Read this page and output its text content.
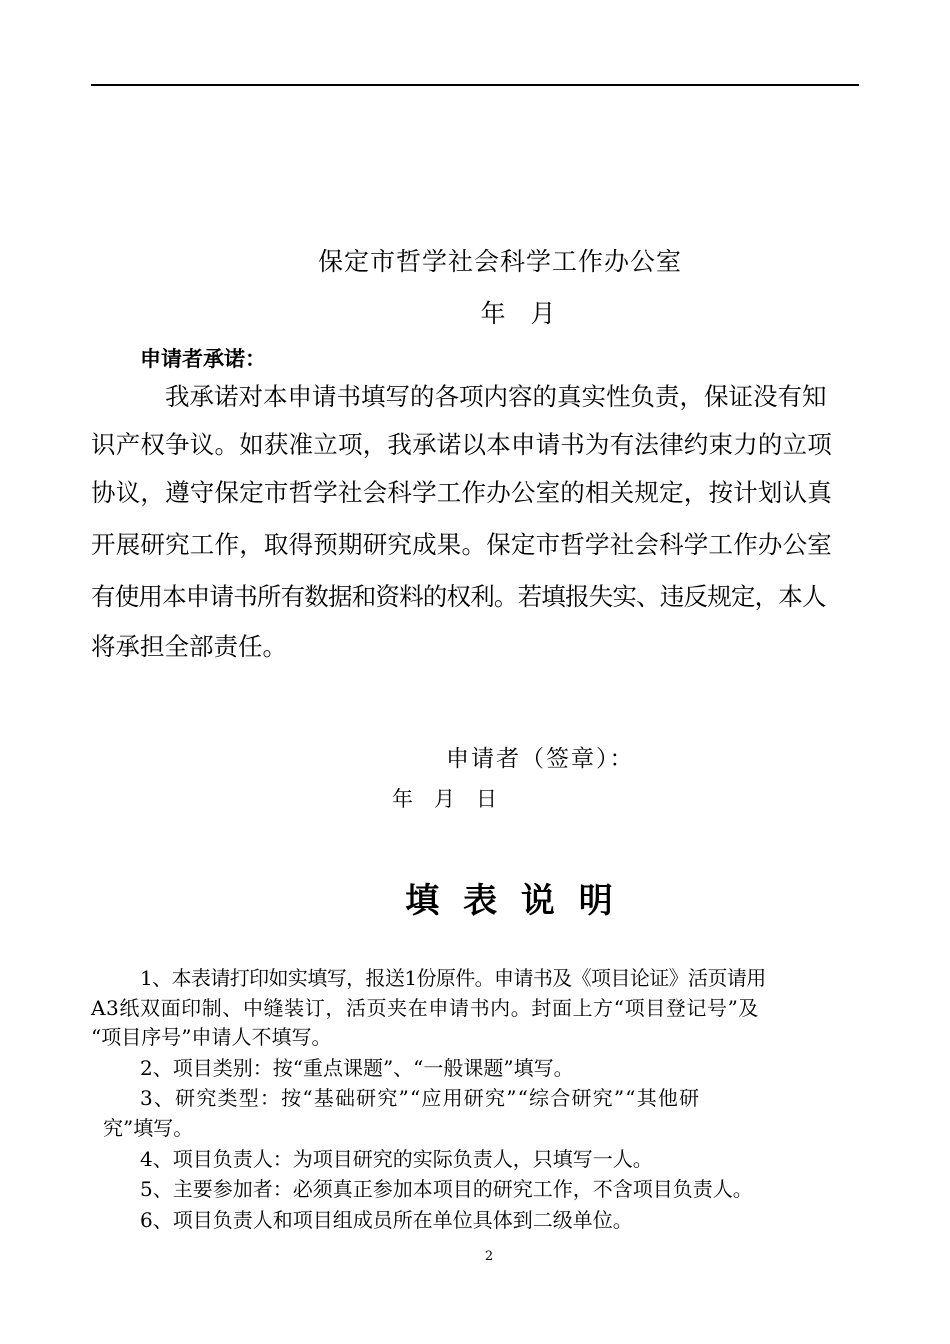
保定市哲学社会科学工作办公室
年　月
申请者承诺：
我承诺对本申请书填写的各项内容的真实性负责，保证没有知
识产权争议。如获准立项，我承诺以本申请书为有法律约束力的立项
协议，遵守保定市哲学社会科学工作办公室的相关规定，按计划认真
开展研究工作，取得预期研究成果。保定市哲学社会科学工作办公室
有使用本申请书所有数据和资料的权利。若填报失实、违反规定，本人
将承担全部责任。
申请者（签章）：
年　月　日
填 表 说 明
1、本表请打印如实填写，报送1份原件。申请书及《项目论证》活页请用
A3纸双面印制、中缝装订，活页夹在申请书内。封面上方“项目登记号”及
“项目序号”申请人不填写。
2、项目类别：按“重点课题”、“一般课题”填写。
3、研究类型：按“基础研究”“应用研究”“综合研究”“其他研
究”填写。
4、项目负责人：为项目研究的实际负责人，只填写一人。
5、主要参加者：必须真正参加本项目的研究工作，不含项目负责人。
6、项目负责人和项目组成员所在单位具体到二级单位。
2
